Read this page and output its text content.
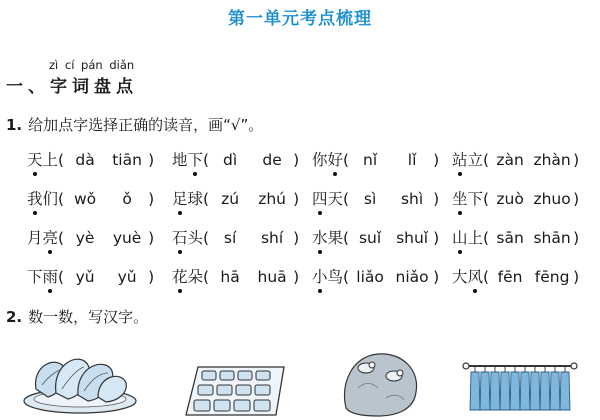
第一单元考点梳理
zì cí pán diǎn
一、字词盘点
1. 给加点字选择正确的读音，画“√”。
天上( dà tiān ) 地下( dì de ) 你好( nǐ lǐ ) 站立( zàn zhàn )
我们( wǒ ǒ ) 足球( zú zhú ) 四天( sì shì ) 坐下( zuò zhuo )
月亮( yè yuè ) 石头( sí shí ) 水果( suǐ shuǐ ) 山上( sān shān )
下雨( yǔ yǔ ) 花朵( hā huā ) 小鸟( liǎo niǎo ) 大风( fēn fēng )
2. 数一数，写汉字。
